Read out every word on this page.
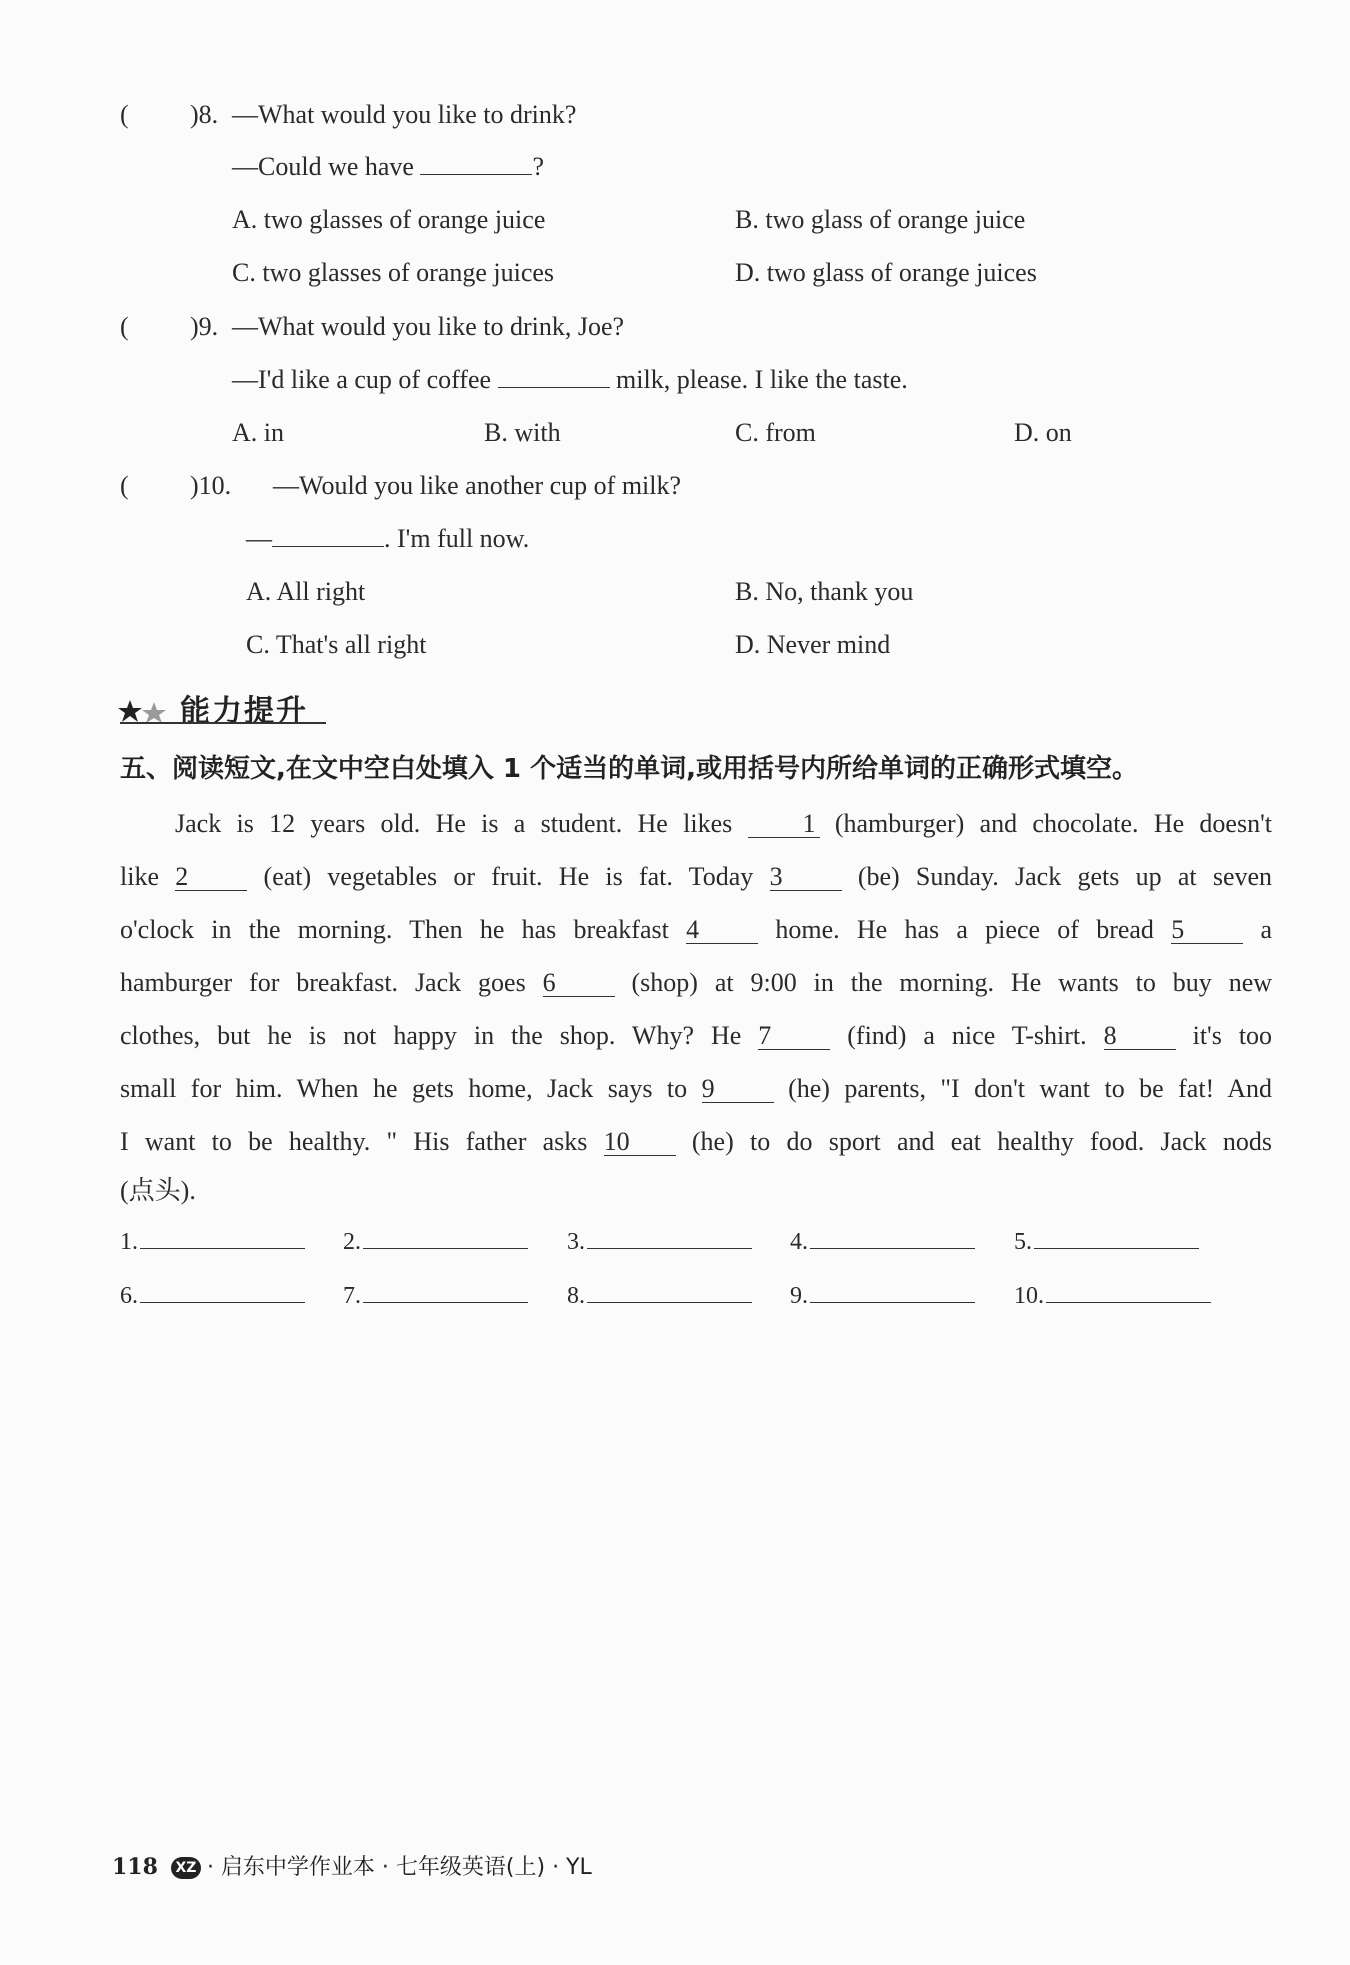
( )8. —What would you like to drink?
—Could we have	?
A. two glasses of orange juice	B. two glass of orange juice
C. two glasses of orange juices	D. two glass of orange juices
( )9. —What would you like to drink, Joe?
—I'd like a cup of coffee	milk, please. I like the taste.
A. in	B. with	C. from	D. on
( )10. —Would you like another cup of milk?
—	. I'm full now.
A. All right	B. No, thank you
C. That's all right	D. Never mind
能力提升
五、阅读短文,在文中空白处填入 1 个适当的单词,或用括号内所给单词的正确形式填空。
Jack is 12 years old. He is a student. He likes	1 (hamburger) and chocolate. He doesn't
like 2	(eat) vegetables or fruit. He is fat. Today 3	(be) Sunday. Jack gets up at seven
o'clock in the morning. Then he has breakfast 4	home. He has a piece of bread 5	a
hamburger for breakfast. Jack goes 6	(shop) at 9:00 in the morning. He wants to buy new
clothes, but he is not happy in the shop. Why? He 7	(find) a nice T-shirt. 8	it's too
small for him. When he gets home, Jack says to 9	(he) parents, "I don't want to be fat! And
I want to be healthy. " His father asks 10 (he) to do sport and eat healthy food. Jack nods
(点头).
1.	2.	3.	4.	5.
6.	7.	8.	9.	10.
118 XZ · 启东中学作业本 · 七年级英语(上) · YL
